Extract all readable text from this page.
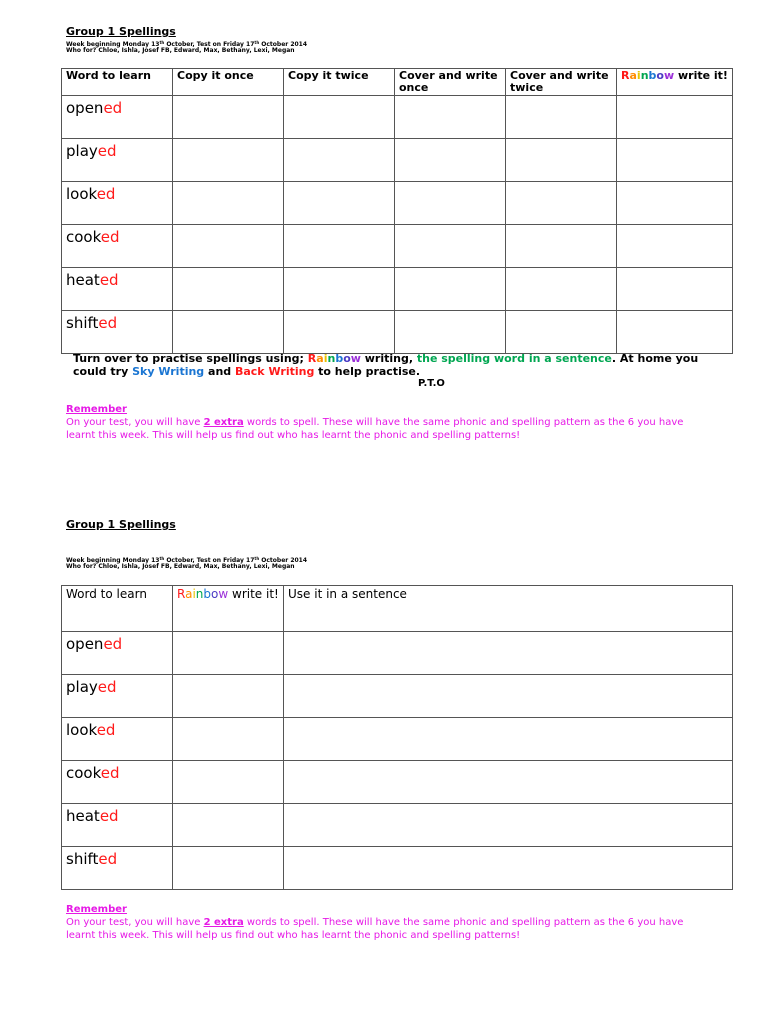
Group 1 Spellings
Week beginning Monday 13th October, Test on Friday 17th October 2014
Who for? Chloe, Ishla, Josef FB, Edward, Max, Bethany, Lexi, Megan
Word to learn	Copy it once	Copy it twice	Cover and write once	Cover and write twice	Rainbow write it!
opened					
played					
looked					
cooked					
heated					
shifted					
Turn over to practise spellings using; Rainbow writing, the spelling word in a sentence. At home you could try Sky Writing and Back Writing to help practise.
P.T.O
Remember
On your test, you will have 2 extra words to spell. These will have the same phonic and spelling pattern as the 6 you have learnt this week. This will help us find out who has learnt the phonic and spelling patterns!
Group 1 Spellings
Week beginning Monday 13th October, Test on Friday 17th October 2014
Who for? Chloe, Ishla, Josef FB, Edward, Max, Bethany, Lexi, Megan
Word to learn	Rainbow write it!	Use it in a sentence
opened		
played		
looked		
cooked		
heated		
shifted		
Remember
On your test, you will have 2 extra words to spell. These will have the same phonic and spelling pattern as the 6 you have learnt this week. This will help us find out who has learnt the phonic and spelling patterns!
